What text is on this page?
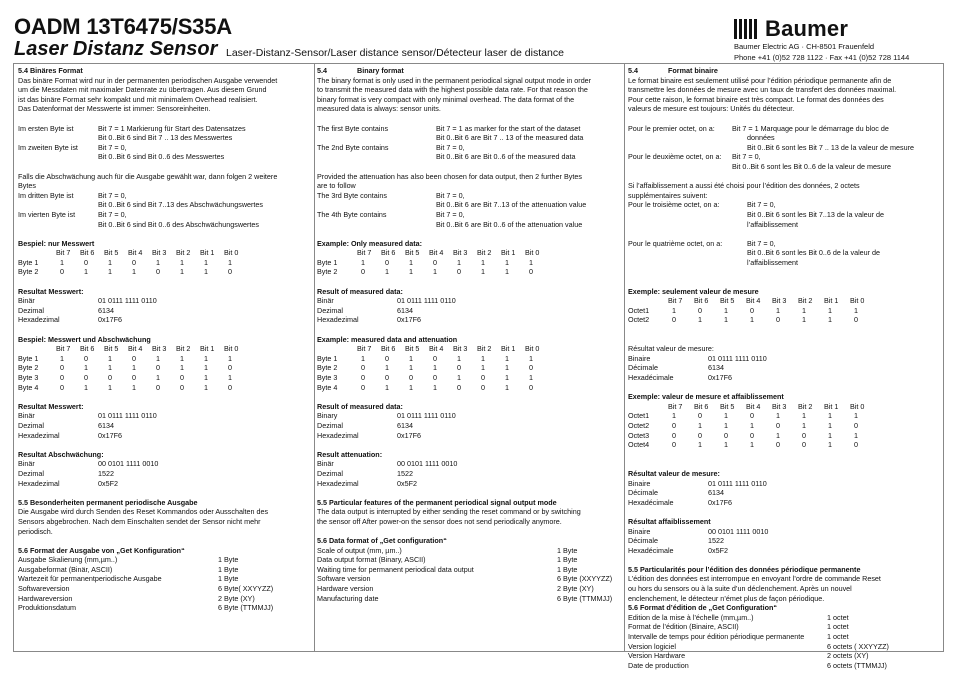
OADM 13T6475/S35A
Laser Distanz Sensor Laser-Distanz-Sensor/Laser distance sensor/Détecteur laser de distance
Baumer
Baumer Electric AG · CH-8501 Frauenfeld
Phone +41 (0)52 728 1122 · Fax +41 (0)52 728 1144
5.4 Binäres Format
Das binäre Format wird nur in der permanenten periodischen Ausgabe verwendet
um die Messdaten mit maximaler Datenrate zu übertragen. Aus diesem Grund
ist das binäre Format sehr kompakt und mit minimalem Overhead realisiert.
Das Datenformat der Messwerte ist immer: Sensoreinheiten.
Im ersten Byte ist	Bit 7 = 1 Markierung für Start des Datensatzes
Bit 0..Bit 6 sind Bit 7 .. 13 des Messwertes
Im zweiten Byte ist	Bit 7 = 0,
Bit 0..Bit 6 sind Bit 0..6 des Messwertes
Falls die Abschwächung auch für die Ausgabe gewählt war, dann folgen 2 weitere
Bytes
Im dritten Byte ist	Bit 7 = 0,
Bit 0..Bit 6 sind Bit 7..13 des Abschwächungswertes
Im vierten Byte ist	Bit 7 = 0,
Bit 0..Bit 6 sind Bit 0..6 des Abschwächungswertes
Bespiel: nur Messwert
	Bit 7	Bit 6	Bit 5	Bit 4	Bit 3	Bit 2	Bit 1	Bit 0
Byte 1	1	0	1	0	1	1	1	1
Byte 2	0	1	1	1	0	1	1	0
Resultat Messwert:
Binär	01 0111 1111 0110
Dezimal	6134
Hexadezimal	0x17F6
Bespiel: Messwert und Abschwächung
	Bit 7	Bit 6	Bit 5	Bit 4	Bit 3	Bit 2	Bit 1	Bit 0
Byte 1	1	0	1	0	1	1	1	1
Byte 2	0	1	1	1	0	1	1	0
Byte 3	0	0	0	0	1	0	1	1
Byte 4	0	1	1	1	0	0	1	0
Resultat Messwert:
Binär	01 0111 1111 0110
Dezimal	6134
Hexadezimal	0x17F6
Resultat Abschwächung:
Binär	00 0101 1111 0010
Dezimal	1522
Hexadezimal	0x5F2
5.5 Besonderheiten permanent periodische Ausgabe
Die Ausgabe wird durch Senden des Reset Kommandos oder Ausschalten des
Sensors abgebrochen. Nach dem Einschalten sendet der Sensor nicht mehr
periodisch.
5.6 Format der Ausgabe von „Get Konfiguration“
Ausgabe Skalierung (mm,µm..)	1 Byte
Ausgabeformat (Binär, ASCII)	1 Byte
Wartezeit für permanentperiodische Ausgabe	1 Byte
Softwareversion	6 Byte( XXYYZZ)
Hardwareversion	2 Byte (XY)
Produktionsdatum	6 Byte (TTMMJJ)
5.4	Binary format
The binary format is only used in the permanent periodical signal output mode in order
to transmit the measured data with the highest possible data rate. For that reason the
binary format is very compact with only minimal overhead. The data format of the
measured data is always: sensor units.
The first Byte contains	Bit 7 = 1 as marker for the start of the dataset
Bit 0..Bit 6 are Bit 7 .. 13 of the measured data
The 2nd Byte contains	Bit 7 = 0,
Bit 0..Bit 6 are Bit 0..6 of the measured data
Provided the attenuation has also been chosen for data output, then 2 further Bytes
are to follow
The 3rd Byte contains	Bit 7 = 0,
Bit 0..Bit 6 are Bit 7..13 of the attenuation value
The 4th Byte contains	Bit 7 = 0,
Bit 0..Bit 6 are Bit 0..6 of the attenuation value
Example: Only measured data:
	Bit 7	Bit 6	Bit 5	Bit 4	Bit 3	Bit 2	Bit 1	Bit 0
Byte 1	1	0	1	0	1	1	1	1
Byte 2	0	1	1	1	0	1	1	0
Result of measured data:
Binär	01 0111 1111 0110
Dezimal	6134
Hexadezimal	0x17F6
Example: measured data and attenuation
	Bit 7	Bit 6	Bit 5	Bit 4	Bit 3	Bit 2	Bit 1	Bit 0
Byte 1	1	0	1	0	1	1	1	1
Byte 2	0	1	1	1	0	1	1	0
Byte 3	0	0	0	0	1	0	1	1
Byte 4	0	1	1	1	0	0	1	0
Result of measured data:
Binary	01 0111 1111 0110
Dezimal	6134
Hexadezimal	0x17F6
Result attenuation:
Binär	00 0101 1111 0010
Dezimal	1522
Hexadezimal	0x5F2
5.5 Particular features of the permanent periodical signal output mode
The data output is interrupted by either sending the reset command or by switching
the sensor off After power-on the sensor does not send periodically anymore.
5.6 Data format of „Get configuration“
Scale of output (mm, µm..)	1 Byte
Data output format (Binary, ASCII)	1 Byte
Waiting time for permanent periodical data output	1 Byte
Software version	6 Byte (XXYYZZ)
Hardware version	2 Byte (XY)
Manufacturing date	6 Byte (TTMMJJ)
5.4	Format binaire
Le format binaire est seulement utilisé pour l’édition périodique permanente afin de
transmettre les données de mesure avec un taux de transfert des données maximal.
Pour cette raison, le format binaire est très compact. Le format des données des
valeurs de mesure est toujours: Unités du détecteur.
Pour le premier octet, on a:	Bit 7 = 1 Marquage pour le démarrage du bloc de
données
Bit 0..Bit 6 sont les Bit 7 .. 13 de la valeur de mesure
Pour le deuxième octet, on a:	Bit 7 = 0,
Bit 0..Bit 6 sont les Bit 0..6 de la valeur de mesure
Si l’affaiblissement a aussi été choisi pour l’édition des données, 2 octets
supplémentaires suivent:
Pour le troisième octet, on a:	Bit 7 = 0,
Bit 0..Bit 6 sont les Bit 7..13 de la valeur de
l’affaiblissement
Pour le quatrième octet, on a:	Bit 7 = 0,
Bit 0..Bit 6 sont les Bit 0..6 de la valeur de
l’affaiblissement
Exemple: seulement valeur de mesure
	Bit 7	Bit 6	Bit 5	Bit 4	Bit 3	Bit 2	Bit 1	Bit 0
Octet1	1	0	1	0	1	1	1	1
Octet2	0	1	1	1	0	1	1	0
Résultat valeur de mesure:
Binaire	01 0111 1111 0110
Décimale	6134
Hexadécimale	0x17F6
Exemple: valeur de mesure et affaiblissement
	Bit 7	Bit 6	Bit 5	Bit 4	Bit 3	Bit 2	Bit 1	Bit 0
Octet1	1	0	1	0	1	1	1	1
Octet2	0	1	1	1	0	1	1	0
Octet3	0	0	0	0	1	0	1	1
Octet4	0	1	1	1	0	0	1	0
Résultat valeur de mesure:
Binaire	01 0111 1111 0110
Décimale	6134
Hexadécimale	0x17F6
Résultat affaiblissement
Binaire	00 0101 1111 0010
Décimale	1522
Hexadécimale	0x5F2
5.5 Particularités pour l’édition des données périodique permanente
L’édition des données est interrompue en envoyant l’ordre de commande Reset
ou hors du sensors ou à la suite d’un déclenchement. Après un nouvel
enclenchement, le détecteur n’émet plus de façon périodique.
5.6 Format d’édition de „Get Configuration“
Edition de la mise à l’échelle (mm,µm..)	1 octet
Format de l’édition (Binaire, ASCII)	1 octet
Intervalle de temps pour édition périodique permanente	1 octet
Version logiciel	6 octets ( XXYYZZ)
Version Hardware	2 octets (XY)
Date de production	6 octets (TTMMJJ)
